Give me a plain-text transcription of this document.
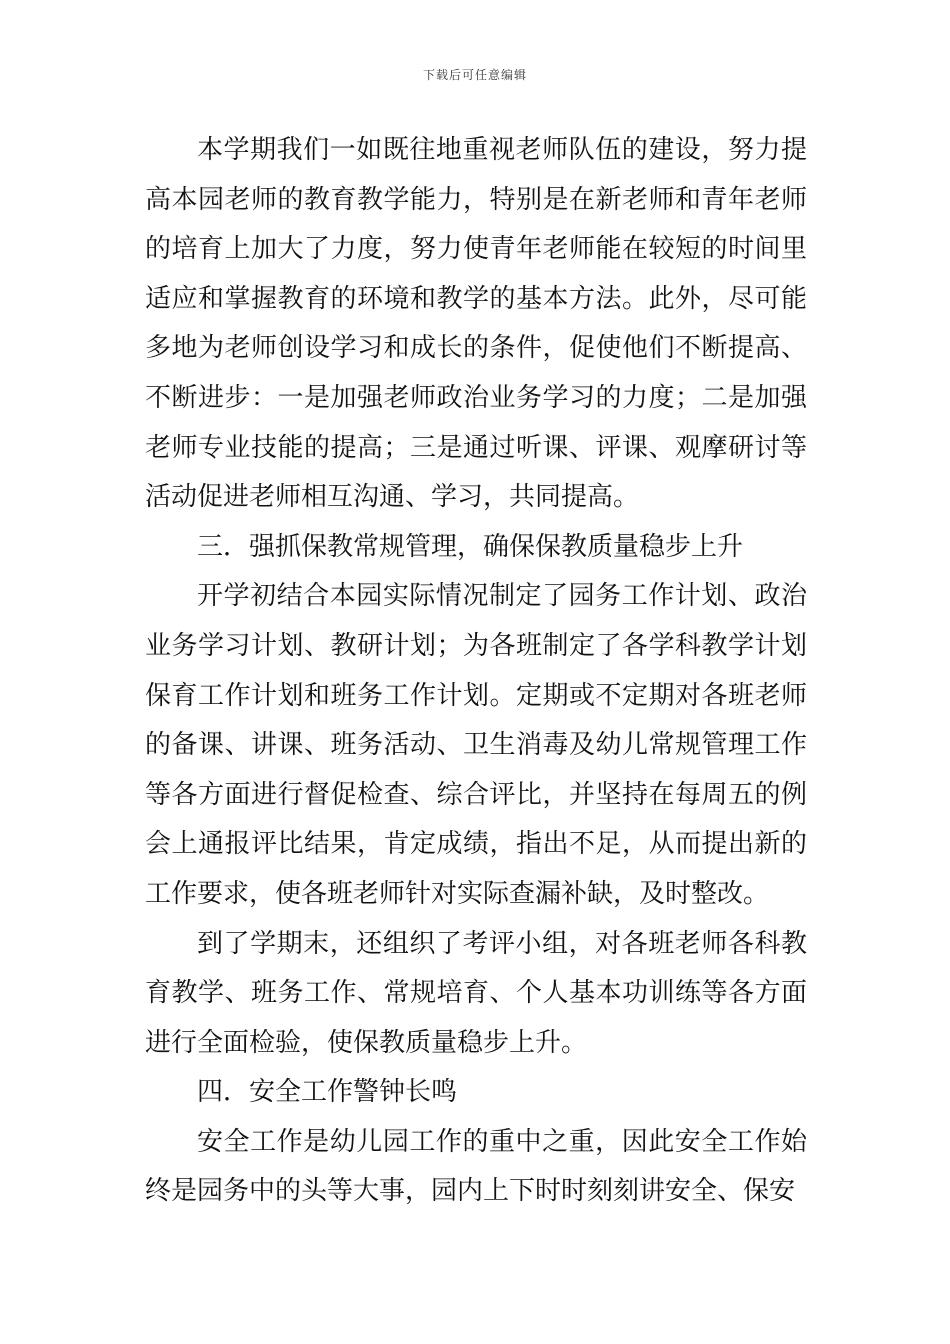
下载后可任意编辑

本学期我们一如既往地重视老师队伍的建设，努力提高本园老师的教育教学能力，特别是在新老师和青年老师的培育上加大了力度，努力使青年老师能在较短的时间里适应和掌握教育的环境和教学的基本方法。此外，尽可能多地为老师创设学习和成长的条件，促使他们不断提高、不断进步：一是加强老师政治业务学习的力度；二是加强老师专业技能的提高；三是通过听课、评课、观摩研讨等活动促进老师相互沟通、学习，共同提高。

三．强抓保教常规管理，确保保教质量稳步上升

开学初结合本园实际情况制定了园务工作计划、政治业务学习计划、教研计划；为各班制定了各学科教学计划保育工作计划和班务工作计划。定期或不定期对各班老师的备课、讲课、班务活动、卫生消毒及幼儿常规管理工作等各方面进行督促检查、综合评比，并坚持在每周五的例会上通报评比结果，肯定成绩，指出不足，从而提出新的工作要求，使各班老师针对实际查漏补缺，及时整改。

到了学期末，还组织了考评小组，对各班老师各科教育教学、班务工作、常规培育、个人基本功训练等各方面进行全面检验，使保教质量稳步上升。

四．安全工作警钟长鸣

安全工作是幼儿园工作的重中之重，因此安全工作始终是园务中的头等大事，园内上下时时刻刻讲安全、保安
